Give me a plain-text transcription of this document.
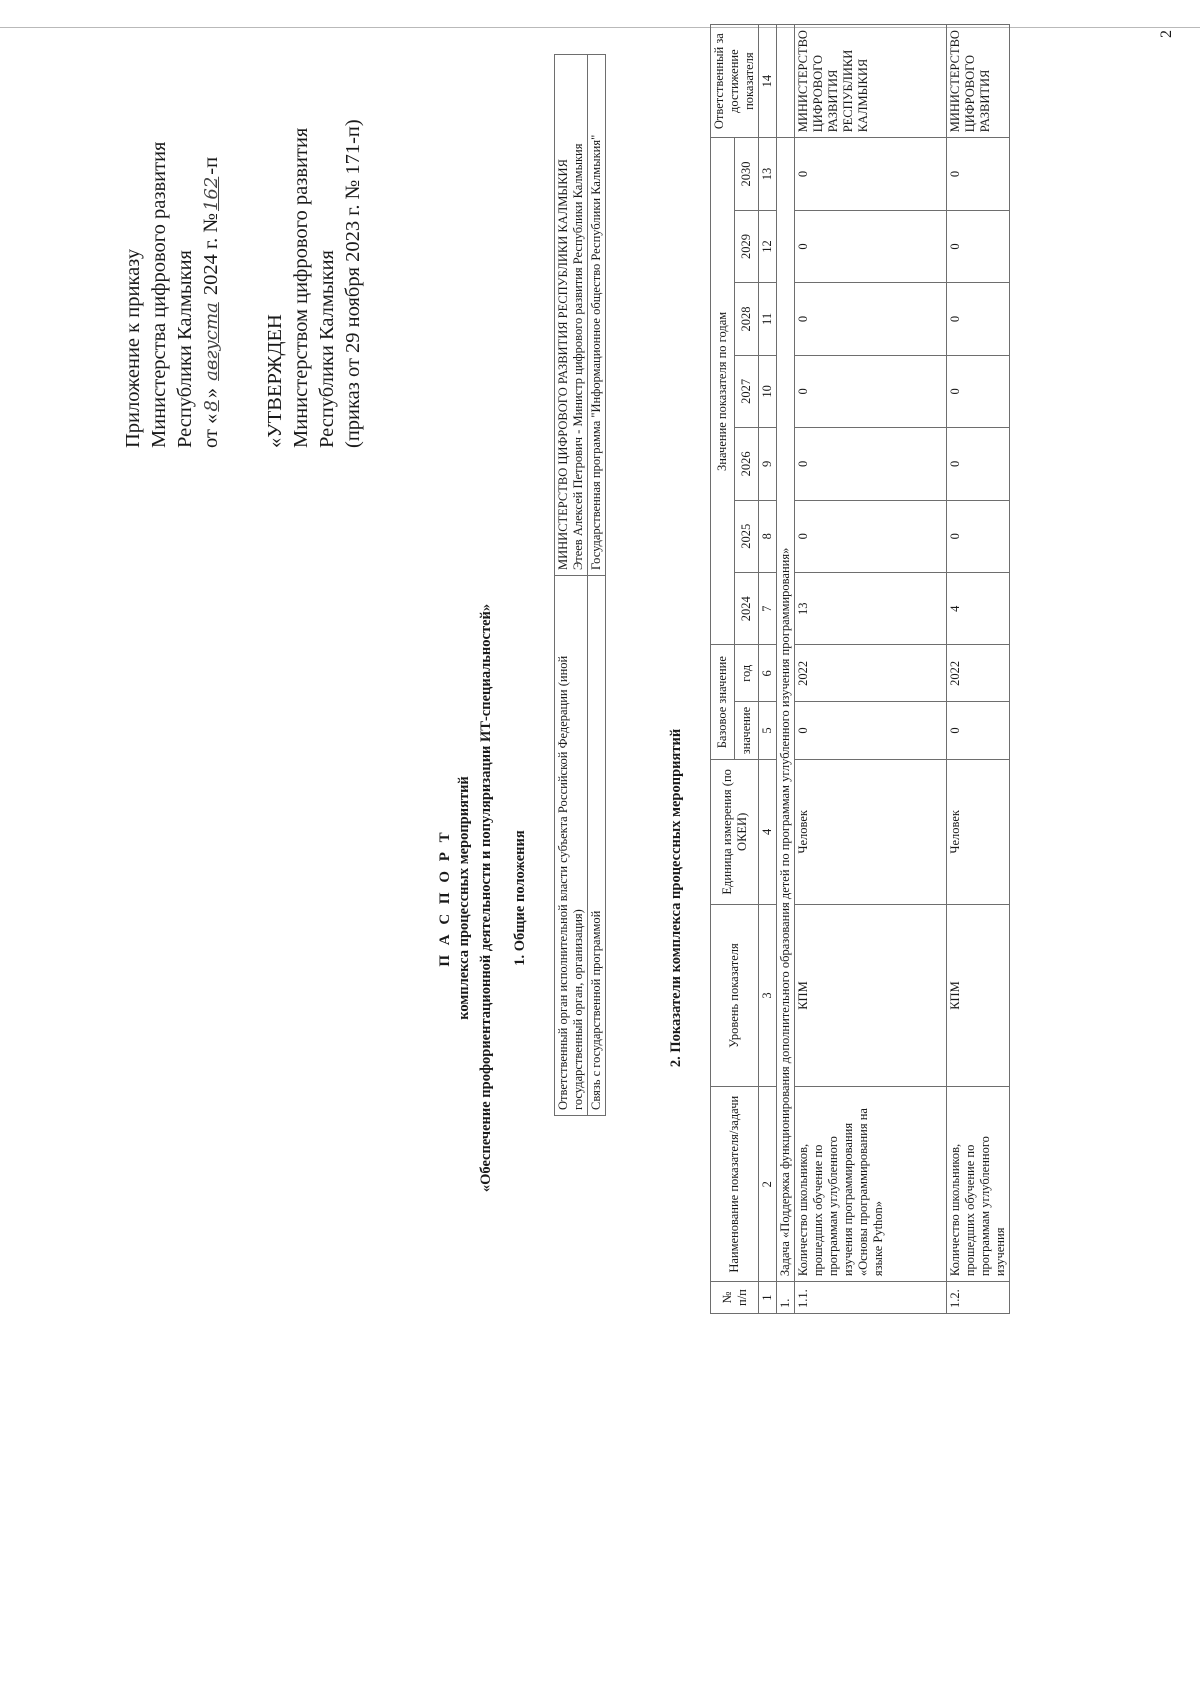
2
Приложение к приказу Министерства цифрового развития Республики Калмыкия от «8» августа 2024 г. №162-п
«УТВЕРЖДЕН Министерством цифрового развития Республики Калмыкия (приказ от 29 ноября 2023 г. № 171-п)
П А С П О Р Т комплекса процессных мероприятий «Обеспечение профориентационной деятельности и популяризации ИТ-специальностей» 1. Общие положения Ответственный орган исполнительной власти субъекта Российской Федерации (иной государственный орган, организация)	МИНИСТЕРСТВО ЦИФРОВОГО РАЗВИТИЯ РЕСПУБЛИКИ КАЛМЫКИЯ
Этеев Алексей Петрович - Министр цифрового развития Республики Калмыкия
Связь с государственной программой	Государственная программа "Информационное общество Республики Калмыкия"
2. Показатели комплекса процессных мероприятий
№ п/п	Наименование показателя/задачи	Уровень показателя	Единица измерения (по ОКЕИ)	Базовое значение		Значение показателя по годам							Ответственный за достижение показателя
				значение	год	2024	2025	2026	2027	2028	2029	2030	
1	2	3	4	5	6	7	8	9	10	11	12	13	14
1.	Задача «Поддержка функционирования дополнительного образования детей по программам углубленного изучения программирования»												
1.1.	Количество школьников, прошедших обучение по программам углубленного изучения программирования «Основы программирования на языке Python»	КПМ	Человек	0	2022	13	0	0	0	0	0	0	МИНИСТЕРСТВО ЦИФРОВОГО РАЗВИТИЯ РЕСПУБЛИКИ КАЛМЫКИЯ
1.2.	Количество школьников, прошедших обучение по программам углубленного изучения	КПМ	Человек	0	2022	4	0	0	0	0	0	0	МИНИСТЕРСТВО ЦИФРОВОГО РАЗВИТИЯ
